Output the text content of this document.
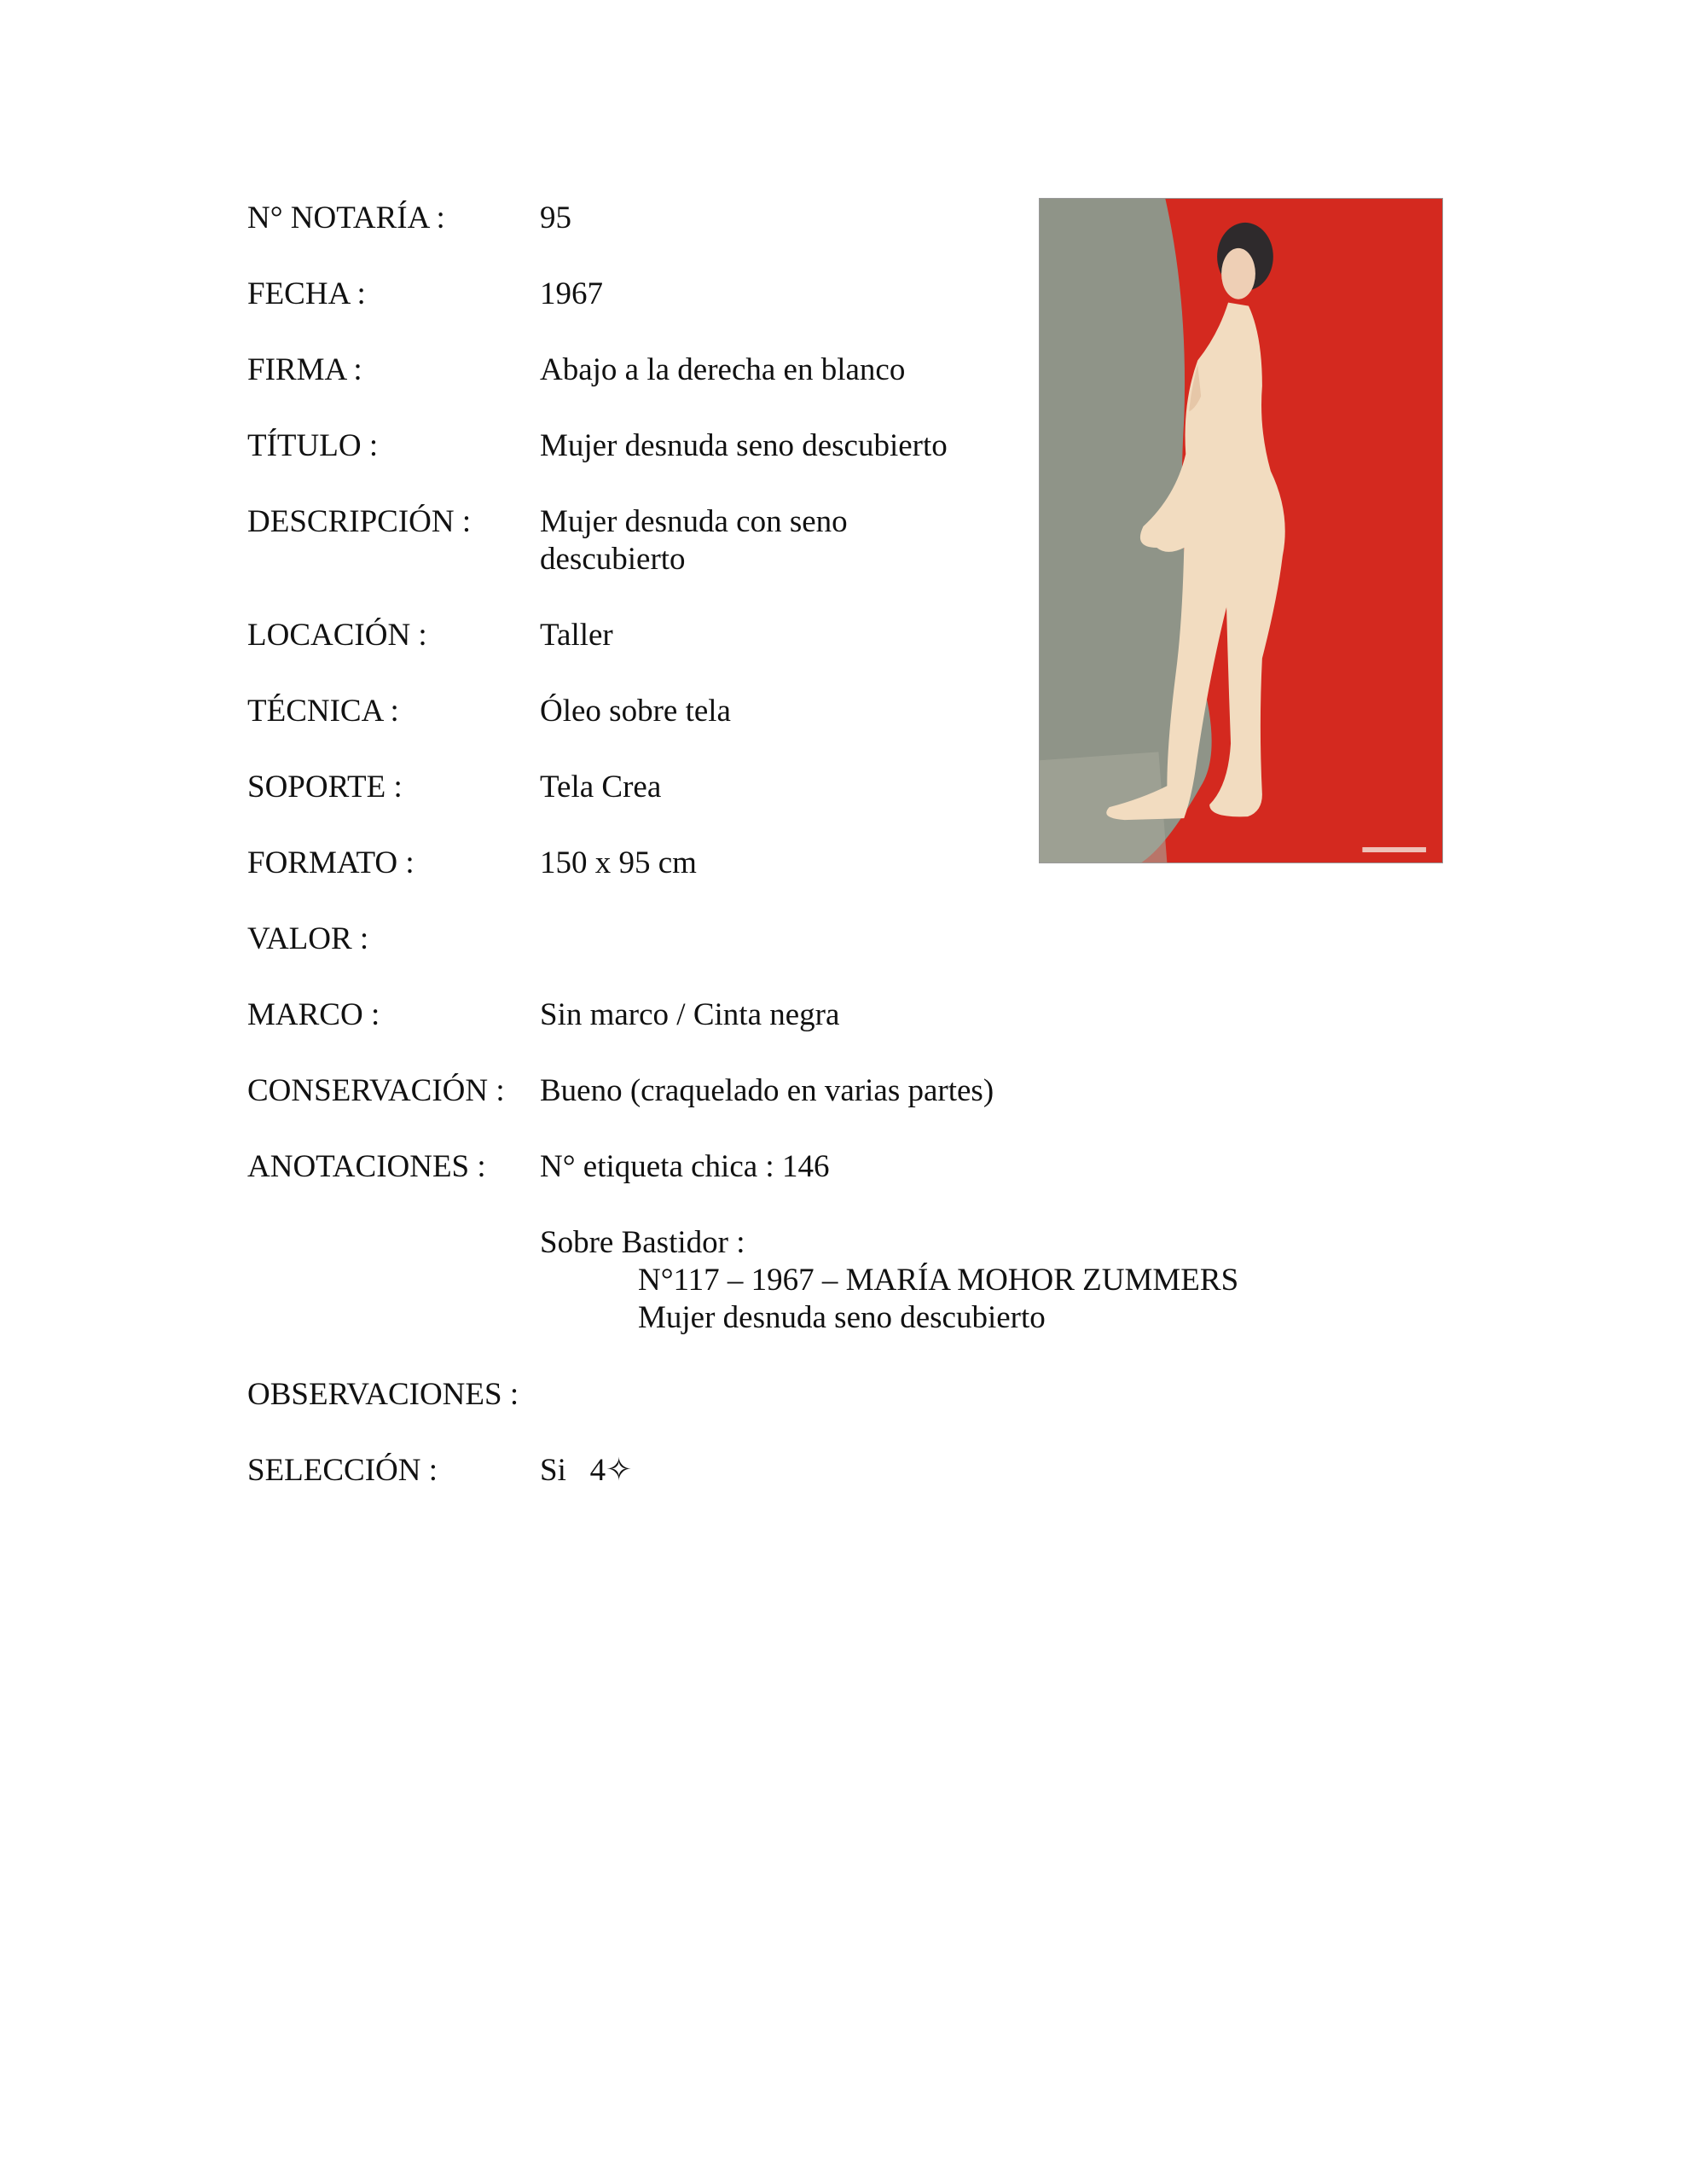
N° NOTARÍA :	95
FECHA :	1967
FIRMA :	Abajo a la derecha en blanco
TÍTULO :	Mujer desnuda seno descubierto
DESCRIPCIÓN : Mujer desnuda con seno
descubierto
LOCACIÓN :	Taller
TÉCNICA :	Óleo sobre tela
SOPORTE :	Tela Crea
FORMATO :	150 x 95 cm
VALOR :
MARCO :	Sin marco / Cinta negra
CONSERVACIÓN : Bueno (craquelado en varias partes)
ANOTACIONES : N° etiqueta chica : 146
Sobre Bastidor :
N°117 – 1967 – MARÍA MOHOR ZUMMERS
Mujer desnuda seno descubierto
OBSERVACIONES :
SELECCIÓN :	Si   4✧
